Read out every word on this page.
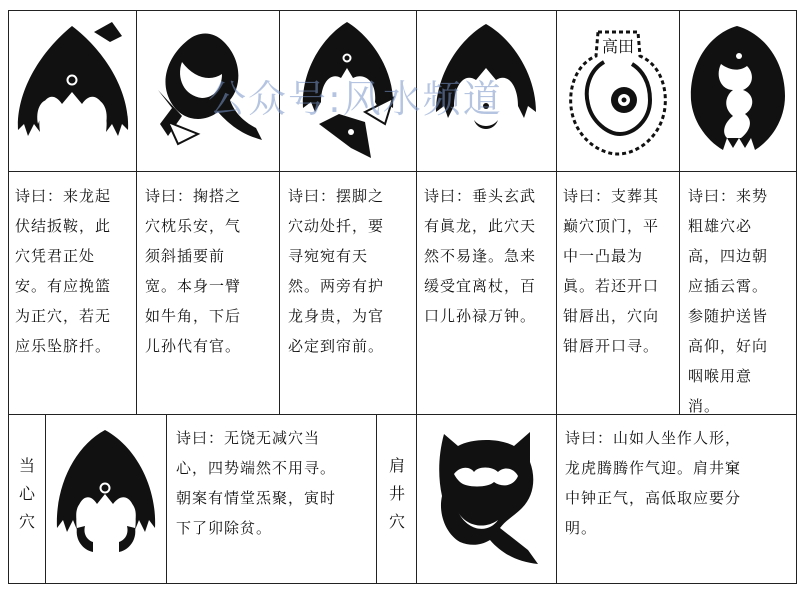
高田
诗曰：来龙起
伏结扳鞍，此
穴凭君正处
安。有应挽篮
为正穴，若无
应乐坠脐扦。
诗曰：掬搭之
穴枕乐安，气
须斜插要前
宽。本身一臂
如牛角，下后
儿孙代有官。
诗曰：摆脚之
穴动处扦，要
寻宛宛有天
然。两旁有护
龙身贵，为官
必定到帘前。
诗曰：垂头玄武
有眞龙，此穴天
然不易逢。急来
缓受宜离杖，百
口儿孙禄万钟。
诗曰：支葬其
巅穴顶门，平
中一凸最为
眞。若还开口
钳唇出，穴向
钳唇开口寻。
诗曰：来势
粗雄穴必
高，四边朝
应插云霄。
参随护送皆
高仰，好向
咽喉用意
消。
当
心
穴
诗曰：无饶无减穴当
心，四势端然不用寻。
朝案有情堂炁聚，寅时
下了卯除贫。
肩
井
穴
诗曰：山如人坐作人形，
龙虎腾腾作气迎。肩井窠
中钟正气，高低取应要分
明。
公众号:风水频道
